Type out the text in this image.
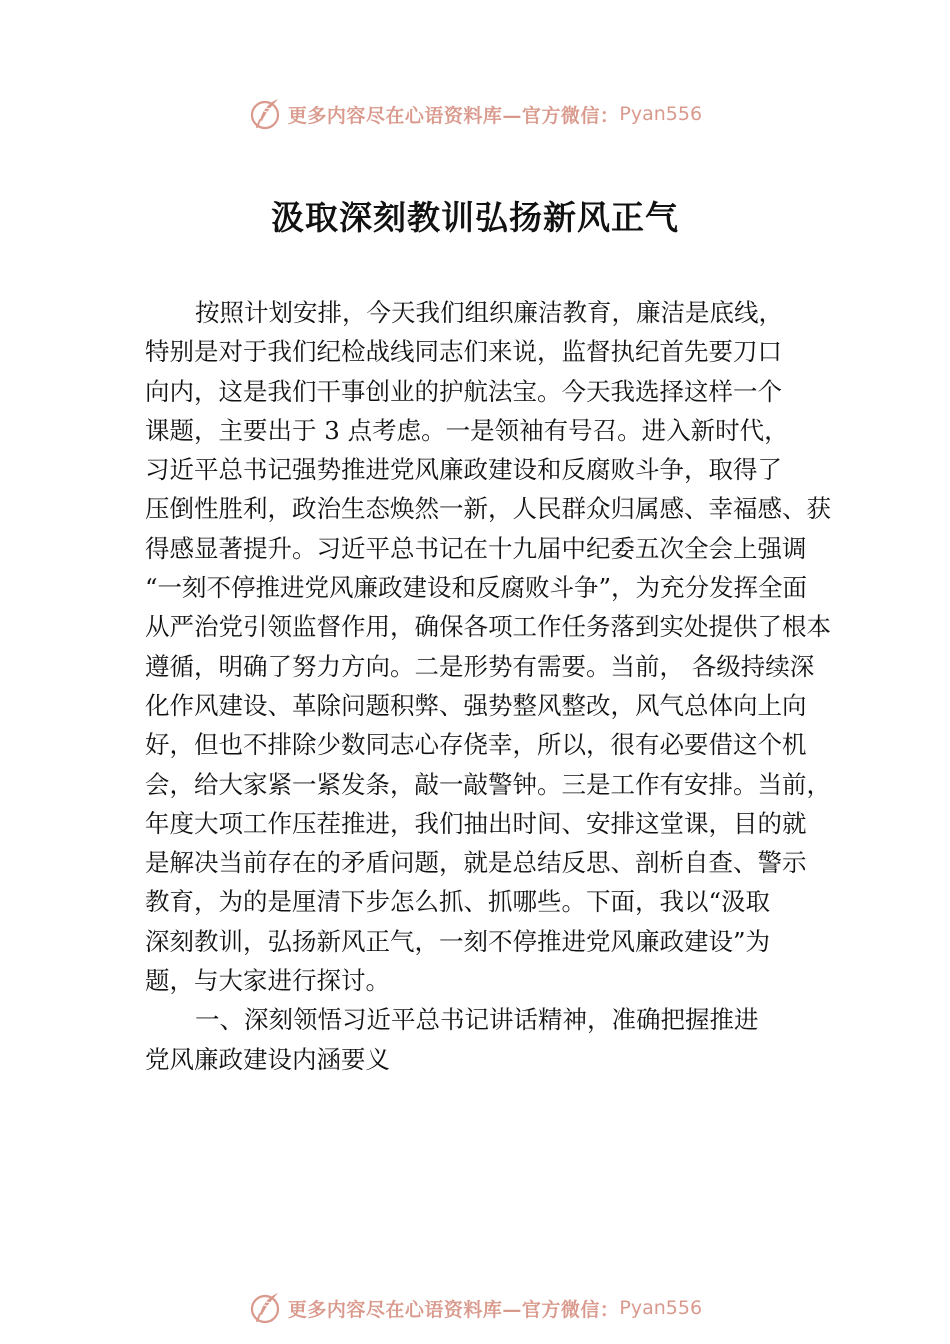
更多内容尽在心语资料库—官方微信： Pyan556
汲取深刻教训弘扬新风正气
按照计划安排，今天我们组织廉洁教育，廉洁是底线，
特别是对于我们纪检战线同志们来说，监督执纪首先要刀口
向内，这是我们干事创业的护航法宝。今天我选择这样一个
课题，主要出于 3 点考虑。一是领袖有号召。进入新时代，
习近平总书记强势推进党风廉政建设和反腐败斗争，取得了
压倒性胜利，政治生态焕然一新，人民群众归属感、幸福感、获
得感显著提升。习近平总书记在十九届中纪委五次全会上强调
“一刻不停推进党风廉政建设和反腐败斗争”，为充分发挥全面
从严治党引领监督作用，确保各项工作任务落到实处提供了根本
遵循，明确了努力方向。二是形势有需要。当前， 各级持续深
化作风建设、革除问题积弊、强势整风整改，风气总体向上向
好，但也不排除少数同志心存侥幸，所以，很有必要借这个机
会，给大家紧一紧发条，敲一敲警钟。三是工作有安排。当前，
年度大项工作压茬推进，我们抽出时间、安排这堂课，目的就
是解决当前存在的矛盾问题，就是总结反思、剖析自查、警示
教育，为的是厘清下步怎么抓、抓哪些。下面，我以“汲取
深刻教训，弘扬新风正气，一刻不停推进党风廉政建设”为
题，与大家进行探讨。
一、深刻领悟习近平总书记讲话精神，准确把握推进
党风廉政建设内涵要义
更多内容尽在心语资料库—官方微信： Pyan556
